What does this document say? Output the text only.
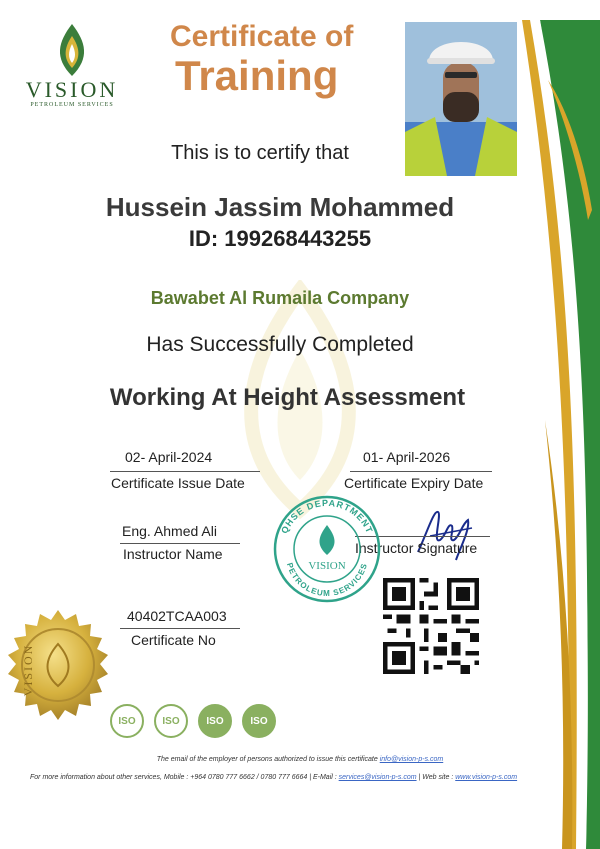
VISION
PETROLEUM SERVICES
Certificate of
Training
This is to certify that
Hussein Jassim Mohammed
ID: 199268443255
Bawabet Al Rumaila Company
Has Successfully Completed
Working At Height Assessment
02- April-2024
Certificate Issue Date
01- April-2026
Certificate Expiry Date
Eng. Ahmed Ali
Instructor Name	Instructor Signature
40402TCAA003
Certificate No
QHSE DEPARTMENT
PETROLEUM SERVICES
VISION
VISION
ISO	ISO	ISO	ISO
The email of the employer of persons authorized to issue this certificate info@vision-p-s.com
For more information about other services, Mobile : +964 0780 777 6662 / 0780 777 6664 | E-Mail : services@vision-p-s.com | Web site : www.vision-p-s.com
